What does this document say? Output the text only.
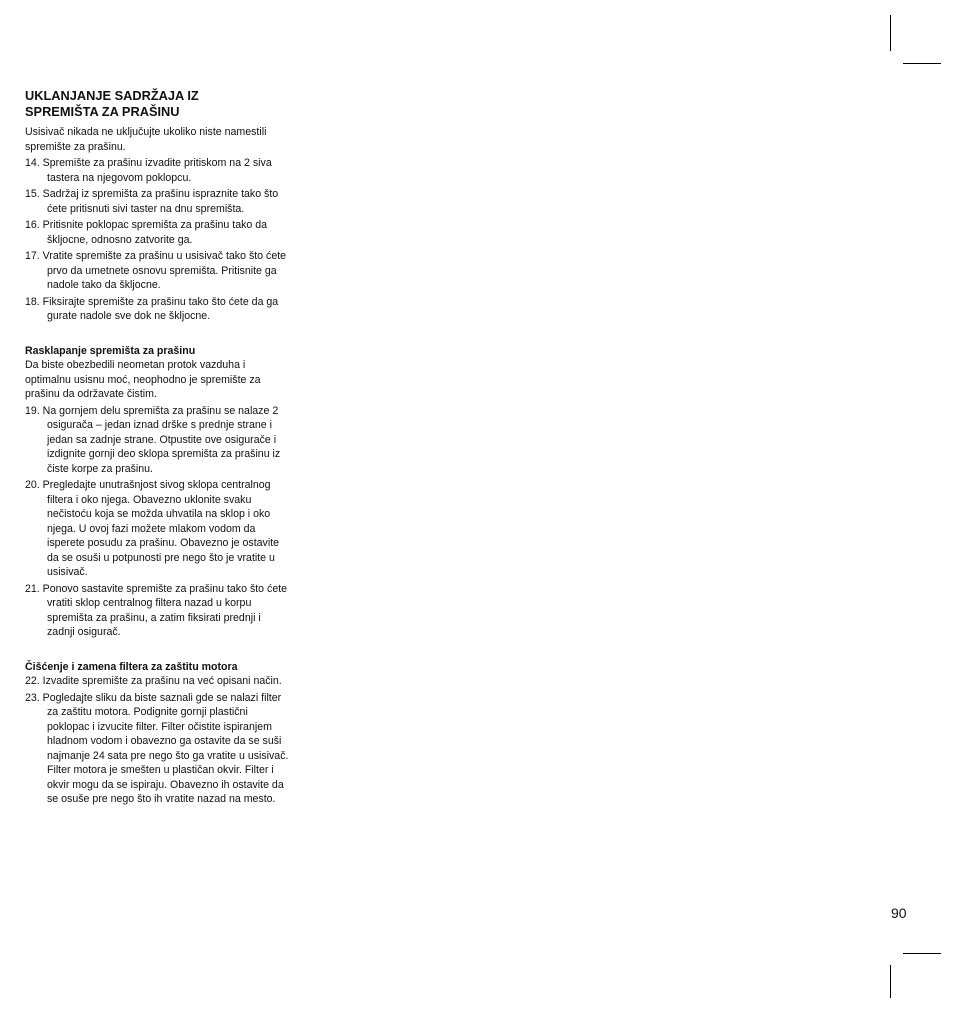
UKLANJANJE SADRŽAJA IZ
SPREMIŠTA ZA PRAŠINU

Usisivač nikada ne uključujte ukoliko niste namestili spremište za prašinu.

14. Spremište za prašinu izvadite pritiskom na 2 siva tastera na njegovom poklopcu.
15. Sadržaj iz spremišta za prašinu ispraznite tako što ćete pritisnuti sivi taster na dnu spremišta.
16. Pritisnite poklopac spremišta za prašinu tako da škljocne, odnosno zatvorite ga.
17. Vratite spremište za prašinu u usisivač tako što ćete prvo da umetnete osnovu spremišta. Pritisnite ga nadole tako da škljocne.
18. Fiksirajte spremište za prašinu tako što ćete da ga gurate nadole sve dok ne škljocne.
Rasklapanje spremišta za prašinu

Da biste obezbedili neometan protok vazduha i optimalnu usisnu moć, neophodno je spremište za prašinu da održavate čistim.

19. Na gornjem delu spremišta za prašinu se nalaze 2 osigurača – jedan iznad drške s prednje strane i jedan sa zadnje strane. Otpustite ove osigurače i izdignite gornji deo sklopa spremišta za prašinu iz čiste korpe za prašinu.
20. Pregledajte unutrašnjost sivog sklopa centralnog filtera i oko njega. Obavezno uklonite svaku nečistoću koja se možda uhvatila na sklop i oko njega. U ovoj fazi možete mlakom vodom da isperete posudu za prašinu. Obavezno je ostavite da se osuši u potpunosti pre nego što je vratite u usisivač.
21. Ponovo sastavite spremište za prašinu tako što ćete vratiti sklop centralnog filtera nazad u korpu spremišta za prašinu, a zatim fiksirati prednji i zadnji osigurač.
Čišćenje i zamena filtera za zaštitu motora
22. Izvadite spremište za prašinu na već opisani način.
23. Pogledajte sliku da biste saznali gde se nalazi filter za zaštitu motora. Podignite gornji plastični poklopac i izvucite filter. Filter očistite ispiranjem hladnom vodom i obavezno ga ostavite da se suši najmanje 24 sata pre nego što ga vratite u usisivač. Filter motora je smešten u plastičan okvir. Filter i okvir mogu da se ispiraju. Obavezno ih ostavite da se osuše pre nego što ih vratite nazad na mesto.
90
